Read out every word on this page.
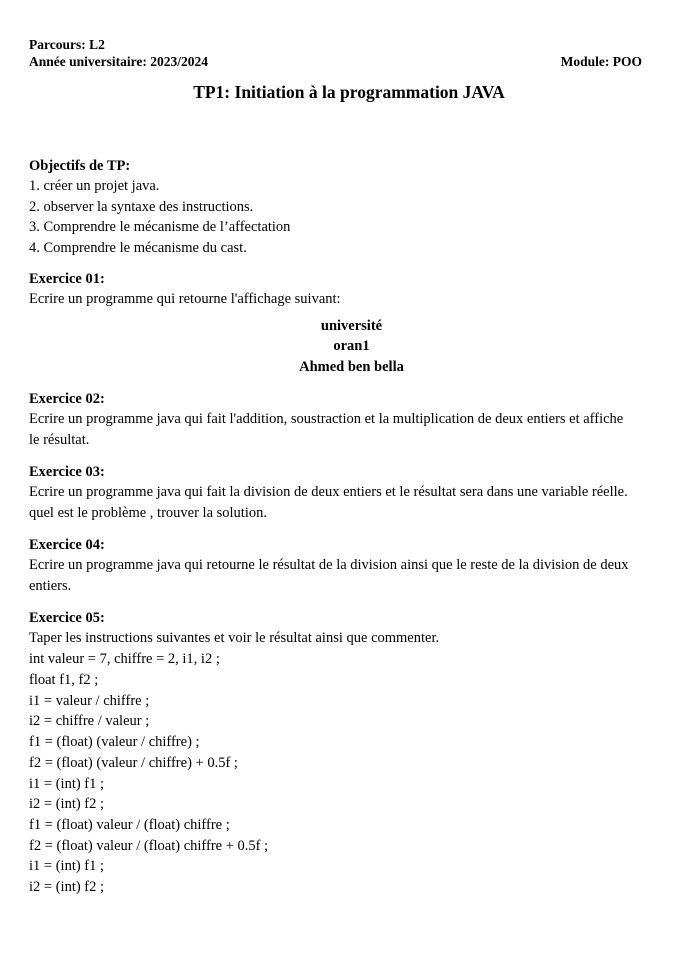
Parcours: L2
Année universitaire: 2023/2024	Module: POO
TP1: Initiation à la programmation JAVA
Objectifs de TP:
1. créer un projet java.
2. observer la syntaxe des instructions.
3. Comprendre le mécanisme de l’affectation
4. Comprendre le mécanisme du cast.
Exercice 01:
Ecrire un programme qui retourne l'affichage suivant:
université
oran1
Ahmed ben bella
Exercice 02:
Ecrire un programme java qui fait l'addition, soustraction et la multiplication de deux entiers et affiche le résultat.
Exercice 03:
Ecrire un programme java qui fait la division de deux entiers et le résultat sera dans une variable réelle. quel est le problème , trouver la solution.
Exercice 04:
Ecrire un programme java qui retourne le résultat de la division ainsi que le reste de la division de deux entiers.
Exercice 05:
Taper les instructions suivantes et voir le résultat ainsi que commenter.
int valeur = 7, chiffre = 2, i1, i2 ;
float f1, f2 ;
i1 = valeur / chiffre ;
i2 = chiffre / valeur ;
f1 = (float) (valeur / chiffre) ;
f2 = (float) (valeur / chiffre) + 0.5f ;
i1 = (int) f1 ;
i2 = (int) f2 ;
f1 = (float) valeur / (float) chiffre ;
f2 = (float) valeur / (float) chiffre + 0.5f ;
i1 = (int) f1 ;
i2 = (int) f2 ;
